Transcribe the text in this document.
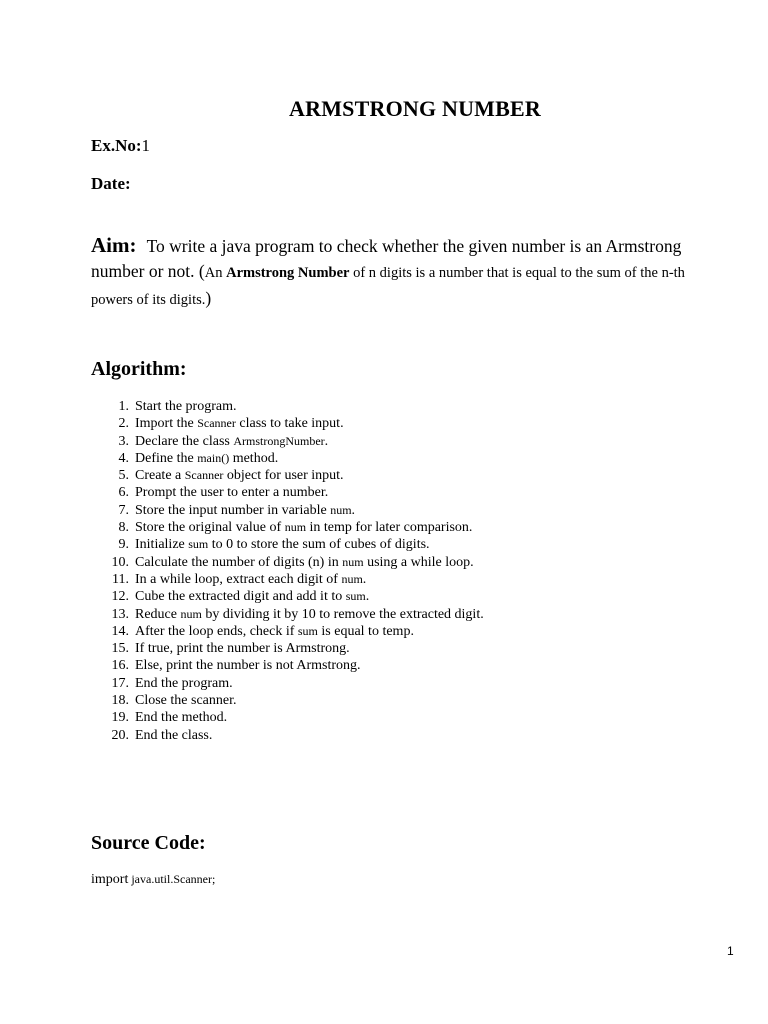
ARMSTRONG NUMBER
Ex.No:1
Date:
Aim: To write a java program to check whether the given number is an Armstrong number or not. (An Armstrong Number of n digits is a number that is equal to the sum of the n-th powers of its digits.)
Algorithm:
1. Start the program.
2. Import the Scanner class to take input.
3. Declare the class ArmstrongNumber.
4. Define the main() method.
5. Create a Scanner object for user input.
6. Prompt the user to enter a number.
7. Store the input number in variable num.
8. Store the original value of num in temp for later comparison.
9. Initialize sum to 0 to store the sum of cubes of digits.
10. Calculate the number of digits (n) in num using a while loop.
11. In a while loop, extract each digit of num.
12. Cube the extracted digit and add it to sum.
13. Reduce num by dividing it by 10 to remove the extracted digit.
14. After the loop ends, check if sum is equal to temp.
15. If true, print the number is Armstrong.
16. Else, print the number is not Armstrong.
17. End the program.
18. Close the scanner.
19. End the method.
20. End the class.
Source Code:
import java.util.Scanner;
1
